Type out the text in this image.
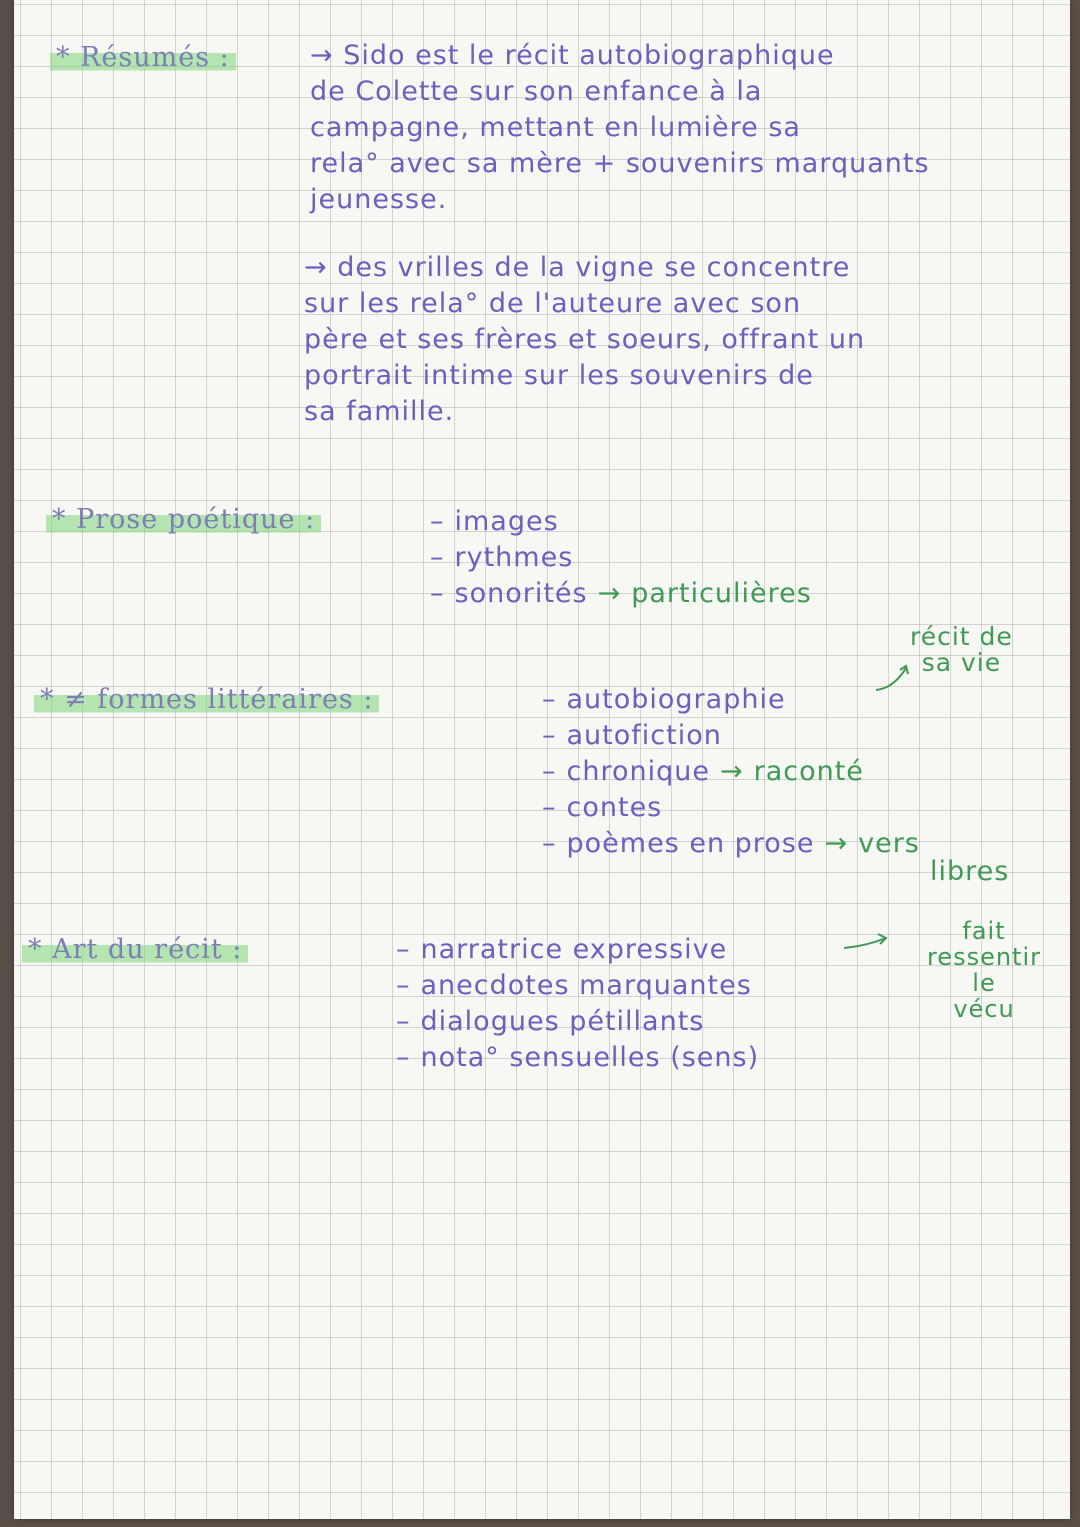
* Résumés :	→ Sido est le récit autobiographique
de Colette sur son enfance à la
campagne, mettant en lumière sa
rela° avec sa mère + souvenirs marquants
jeunesse.
→ des vrilles de la vigne se concentre
sur les rela° de l'auteure avec son
père et ses frères et soeurs, offrant un
portrait intime sur les souvenirs de
sa famille.
* Prose poétique :	– images
– rythmes
– sonorités → particulières
* ≠ formes littéraires :
récit de
sa vie
– autobiographie
– autofiction
– chronique → raconté
– contes
– poèmes en prose → vers
libres
* Art du récit :	– narratrice expressive
– anecdotes marquantes
– dialogues pétillants
– nota° sensuelles (sens)
fait
ressentir
le
vécu
